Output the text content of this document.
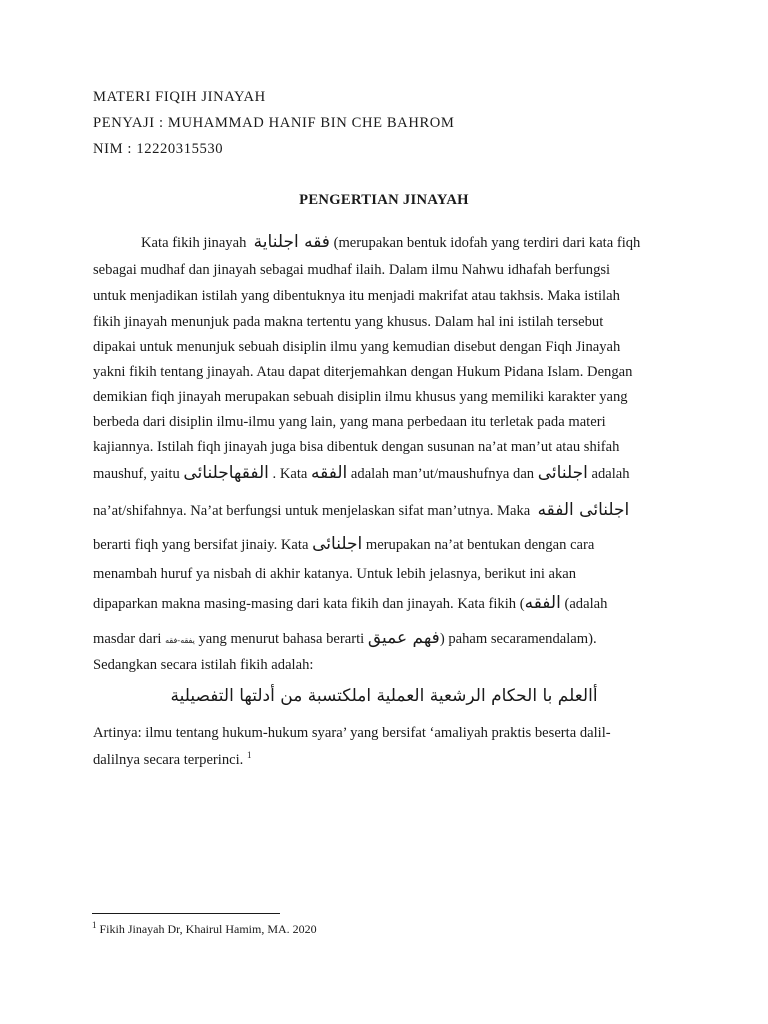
MATERI FIQIH JINAYAH
PENYAJI : MUHAMMAD HANIF BIN CHE BAHROM
NIM : 12220315530
PENGERTIAN JINAYAH
Kata fikih jinayah فقه اجلناية (merupakan bentuk idofah yang terdiri dari kata fiqh
sebagai mudhaf dan jinayah sebagai mudhaf ilaih. Dalam ilmu Nahwu idhafah berfungsi
untuk menjadikan istilah yang dibentuknya itu menjadi makrifat atau takhsis. Maka istilah
fikih jinayah menunjuk pada makna tertentu yang khusus. Dalam hal ini istilah tersebut
dipakai untuk menunjuk sebuah disiplin ilmu yang kemudian disebut dengan Fiqh Jinayah
yakni fikih tentang jinayah. Atau dapat diterjemahkan dengan Hukum Pidana Islam. Dengan
demikian fiqh jinayah merupakan sebuah disiplin ilmu khusus yang memiliki karakter yang
berbeda dari disiplin ilmu-ilmu yang lain, yang mana perbedaan itu terletak pada materi
kajiannya. Istilah fiqh jinayah juga bisa dibentuk dengan susunan na’at man’ut atau shifah
maushuf, yaitu الفقهاجلنائى . Kata الفقه adalah man’ut/maushufnya dan اجلنائى adalah
na’at/shifahnya. Na’at berfungsi untuk menjelaskan sifat man’utnya. Maka اجلنائى الفقه
berarti fiqh yang bersifat jinaiy. Kata اجلنائى merupakan na’at bentukan dengan cara
menambah huruf ya nisbah di akhir katanya. Untuk lebih jelasnya, berikut ini akan
dipaparkan makna masing-masing dari kata fikih dan jinayah. Kata fikih (الفقه (adalah
masdar dari يفقه-فقه yang menurut bahasa berarti فهم عميق) paham secaramendalam).
Sedangkan secara istilah fikih adalah:
أالعلم با الحكام الرشعية العملية املكتسبة من أدلتها التفصيلية
Artinya: ilmu tentang hukum-hukum syara’ yang bersifat ‘amaliyah praktis beserta dalil-
dalilnya secara terperinci. $^1$
$^1$ Fikih Jinayah Dr, Khairul Hamim, MA. 2020
